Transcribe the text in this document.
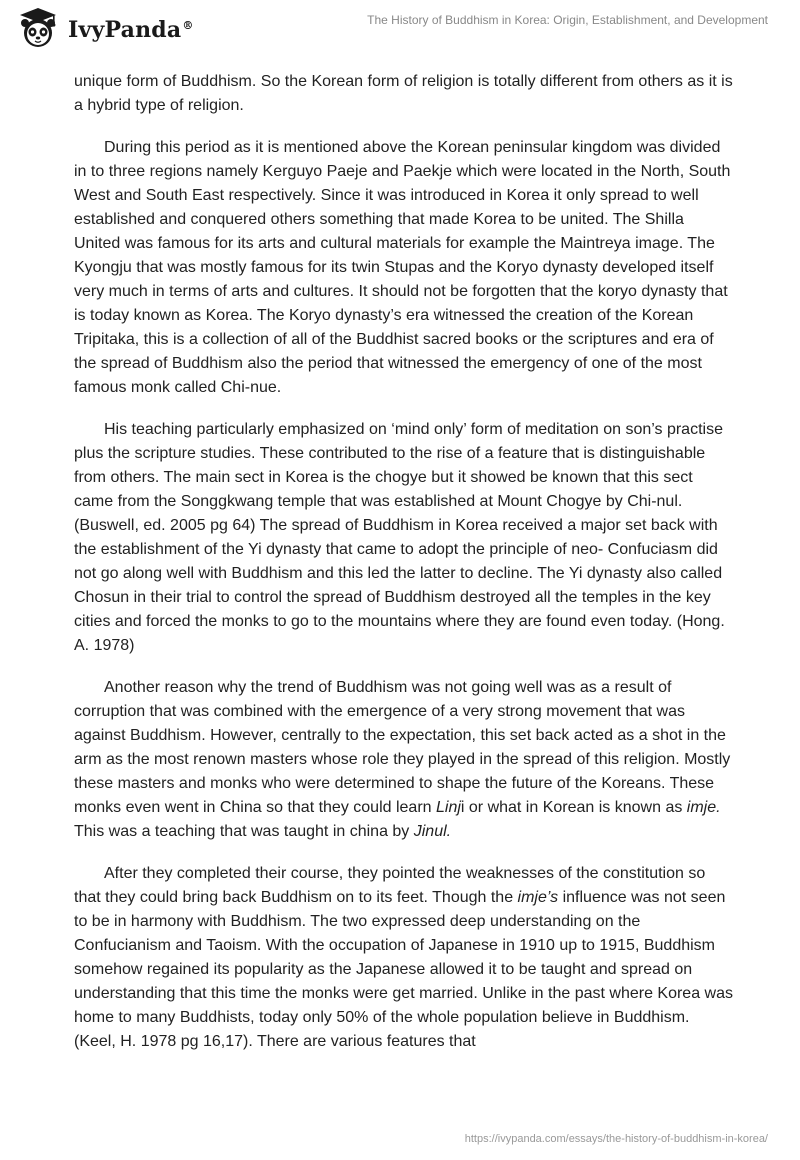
IvyPanda®	The History of Buddhism in Korea: Origin, Establishment, and Development

unique form of Buddhism. So the Korean form of religion is totally different from others as it is a hybrid type of religion.

During this period as it is mentioned above the Korean peninsular kingdom was divided in to three regions namely Kerguyo Paeje and Paekje which were located in the North, South West and South East respectively. Since it was introduced in Korea it only spread to well established and conquered others something that made Korea to be united. The Shilla United was famous for its arts and cultural materials for example the Maintreya image. The Kyongju that was mostly famous for its twin Stupas and the Koryo dynasty developed itself very much in terms of arts and cultures. It should not be forgotten that the koryo dynasty that is today known as Korea. The Koryo dynasty’s era witnessed the creation of the Korean Tripitaka, this is a collection of all of the Buddhist sacred books or the scriptures and era of the spread of Buddhism also the period that witnessed the emergency of one of the most famous monk called Chi-nue.

His teaching particularly emphasized on ‘mind only’ form of meditation on son’s practise plus the scripture studies. These contributed to the rise of a feature that is distinguishable from others. The main sect in Korea is the chogye but it showed be known that this sect came from the Songgkwang temple that was established at Mount Chogye by Chi-nul. (Buswell, ed. 2005 pg 64) The spread of Buddhism in Korea received a major set back with the establishment of the Yi dynasty that came to adopt the principle of neo- Confuciasm did not go along well with Buddhism and this led the latter to decline. The Yi dynasty also called Chosun in their trial to control the spread of Buddhism destroyed all the temples in the key cities and forced the monks to go to the mountains where they are found even today. (Hong. A. 1978)

Another reason why the trend of Buddhism was not going well was as a result of corruption that was combined with the emergence of a very strong movement that was against Buddhism. However, centrally to the expectation, this set back acted as a shot in the arm as the most renown masters whose role they played in the spread of this religion. Mostly these masters and monks who were determined to shape the future of the Koreans. These monks even went in China so that they could learn Linji or what in Korean is known as imje. This was a teaching that was taught in china by Jinul.

After they completed their course, they pointed the weaknesses of the constitution so that they could bring back Buddhism on to its feet. Though the imje’s influence was not seen to be in harmony with Buddhism. The two expressed deep understanding on the Confucianism and Taoism. With the occupation of Japanese in 1910 up to 1915, Buddhism somehow regained its popularity as the Japanese allowed it to be taught and spread on understanding that this time the monks were get married. Unlike in the past where Korea was home to many Buddhists, today only 50% of the whole population believe in Buddhism. (Keel, H. 1978 pg 16,17). There are various features that

https://ivypanda.com/essays/the-history-of-buddhism-in-korea/
